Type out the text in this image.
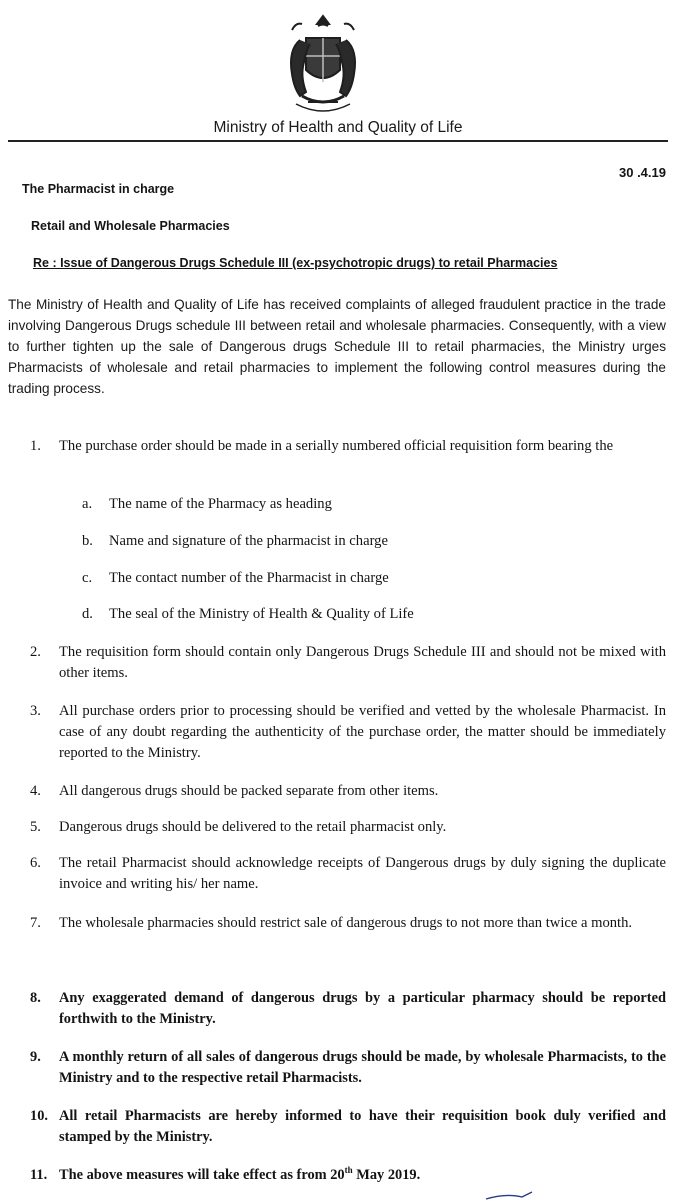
Ministry of Health and Quality of Life
30 .4.19
The Pharmacist in charge
Retail and Wholesale Pharmacies
Re : Issue of Dangerous Drugs Schedule III (ex-psychotropic drugs) to retail Pharmacies
The Ministry of Health and Quality of Life has received complaints of alleged fraudulent practice in the trade involving Dangerous Drugs schedule III between retail and wholesale pharmacies. Consequently, with a view to further tighten up the sale of Dangerous drugs Schedule III to retail pharmacies, the Ministry urges Pharmacists of wholesale and retail pharmacies to implement the following control measures during the trading process.
1. The purchase order should be made in a serially numbered official requisition form bearing the
a. The name of the Pharmacy as heading
b. Name and signature of the pharmacist in charge
c. The contact number of the Pharmacist in charge
d. The seal of the Ministry of Health & Quality of Life
2. The requisition form should contain only Dangerous Drugs Schedule III and should not be mixed with other items.
3. All purchase orders prior to processing should be verified and vetted by the wholesale Pharmacist. In case of any doubt regarding the authenticity of the purchase order, the matter should be immediately reported to the Ministry.
4. All dangerous drugs should be packed separate from other items.
5. Dangerous drugs should be delivered to the retail pharmacist only.
6. The retail Pharmacist should acknowledge receipts of Dangerous drugs by duly signing the duplicate invoice and writing his/ her name.
7. The wholesale pharmacies should restrict sale of dangerous drugs to not more than twice a month.
8. Any exaggerated demand of dangerous drugs by a particular pharmacy should be reported forthwith to the Ministry.
9. A monthly return of all sales of dangerous drugs should be made, by wholesale Pharmacists, to the Ministry and to the respective retail Pharmacists.
10. All retail Pharmacists are hereby informed to have their requisition book duly verified and stamped by the Ministry.
11. The above measures will take effect as from 20th May 2019.
